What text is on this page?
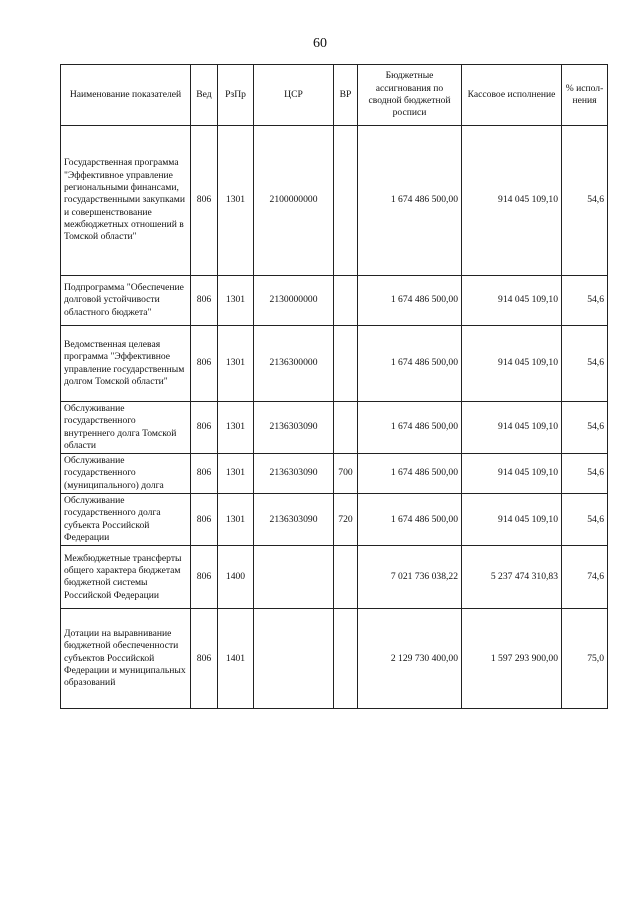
60
Наименование показателей	Вед	РзПр	ЦСР	ВР	Бюджетные ассигнования по сводной бюджетной росписи	Кассовое исполнение	% испол-нения
Государственная программа "Эффективное управление региональными финансами, государственными закупками и совершенствование межбюджетных отношений в Томской области"	806	1301	2100000000		1 674 486 500,00	914 045 109,10	54,6
Подпрограмма "Обеспечение долговой устойчивости областного бюджета"	806	1301	2130000000		1 674 486 500,00	914 045 109,10	54,6
Ведомственная целевая программа "Эффективное управление государственным долгом Томской области"	806	1301	2136300000		1 674 486 500,00	914 045 109,10	54,6
Обслуживание государственного внутреннего долга Томской области	806	1301	2136303090		1 674 486 500,00	914 045 109,10	54,6
Обслуживание государственного (муниципального) долга	806	1301	2136303090	700	1 674 486 500,00	914 045 109,10	54,6
Обслуживание государственного долга субъекта Российской Федерации	806	1301	2136303090	720	1 674 486 500,00	914 045 109,10	54,6
Межбюджетные трансферты общего характера бюджетам бюджетной системы Российской Федерации	806	1400			7 021 736 038,22	5 237 474 310,83	74,6
Дотации на выравнивание бюджетной обеспеченности субъектов Российской Федерации и муниципальных образований	806	1401			2 129 730 400,00	1 597 293 900,00	75,0
